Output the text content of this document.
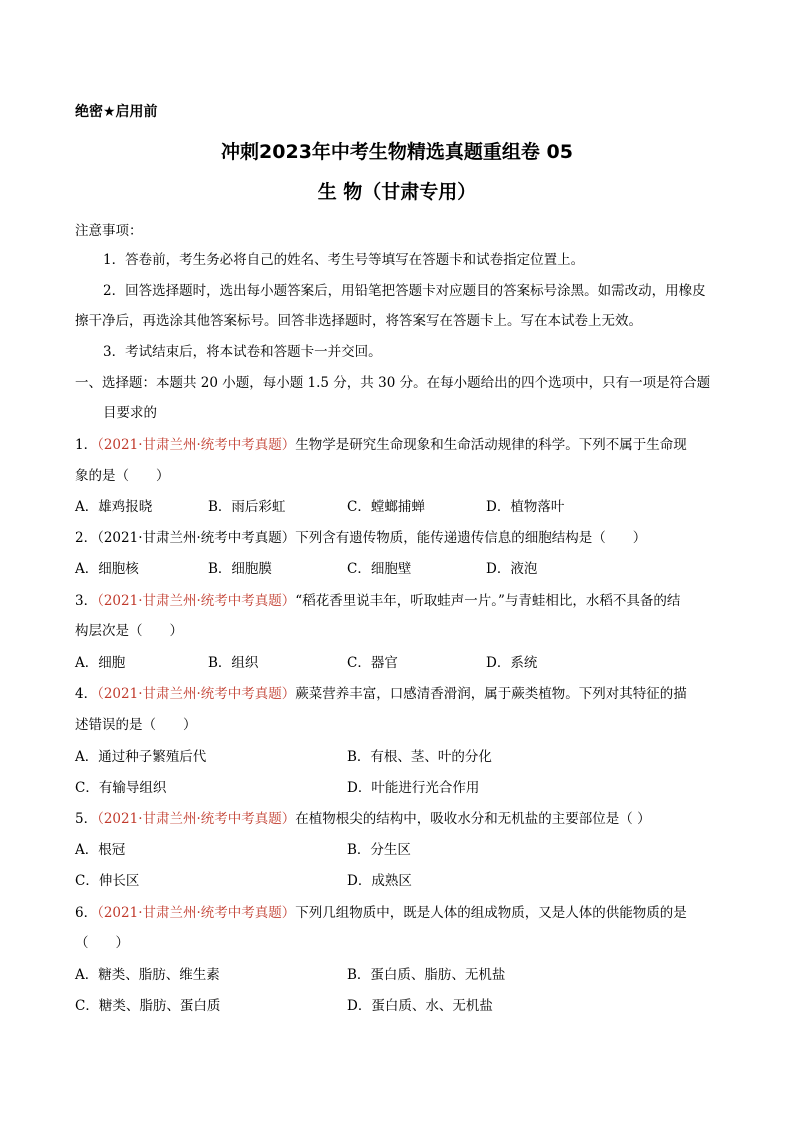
绝密★启用前
冲刺2023年中考生物精选真题重组卷 05
生 物（甘肃专用）
注意事项：
1．答卷前，考生务必将自己的姓名、考生号等填写在答题卡和试卷指定位置上。
2．回答选择题时，选出每小题答案后，用铅笔把答题卡对应题目的答案标号涂黑。如需改动，用橡皮
擦干净后，再选涂其他答案标号。回答非选择题时，将答案写在答题卡上。写在本试卷上无效。
3．考试结束后，将本试卷和答题卡一并交回。
一、选择题：本题共 20 小题，每小题 1.5 分，共 30 分。在每小题给出的四个选项中，只有一项是符合题
目要求的
1．（2021·甘肃兰州·统考中考真题）生物学是研究生命现象和生命活动规律的科学。下列不属于生命现
象的是（　　）
A．雄鸡报晓	B．雨后彩虹	C．螳螂捕蝉	D．植物落叶
2．（2021·甘肃兰州·统考中考真题）下列含有遗传物质，能传递遗传信息的细胞结构是（　　）
A．细胞核	B．细胞膜	C．细胞壁	D．液泡
3．（2021·甘肃兰州·统考中考真题）“稻花香里说丰年，听取蛙声一片。”与青蛙相比，水稻不具备的结
构层次是（　　）
A．细胞	B．组织	C．器官	D．系统
4．（2021·甘肃兰州·统考中考真题）蕨菜营养丰富，口感清香滑润，属于蕨类植物。下列对其特征的描
述错误的是（　　）
A．通过种子繁殖后代	B．有根、茎、叶的分化
C．有输导组织	D．叶能进行光合作用
5．（2021·甘肃兰州·统考中考真题）在植物根尖的结构中，吸收水分和无机盐的主要部位是（ ）
A．根冠	B．分生区
C．伸长区	D．成熟区
6．（2021·甘肃兰州·统考中考真题）下列几组物质中，既是人体的组成物质，又是人体的供能物质的是
（　　）
A．糖类、脂肪、维生素	B．蛋白质、脂肪、无机盐
C．糖类、脂肪、蛋白质	D．蛋白质、水、无机盐
